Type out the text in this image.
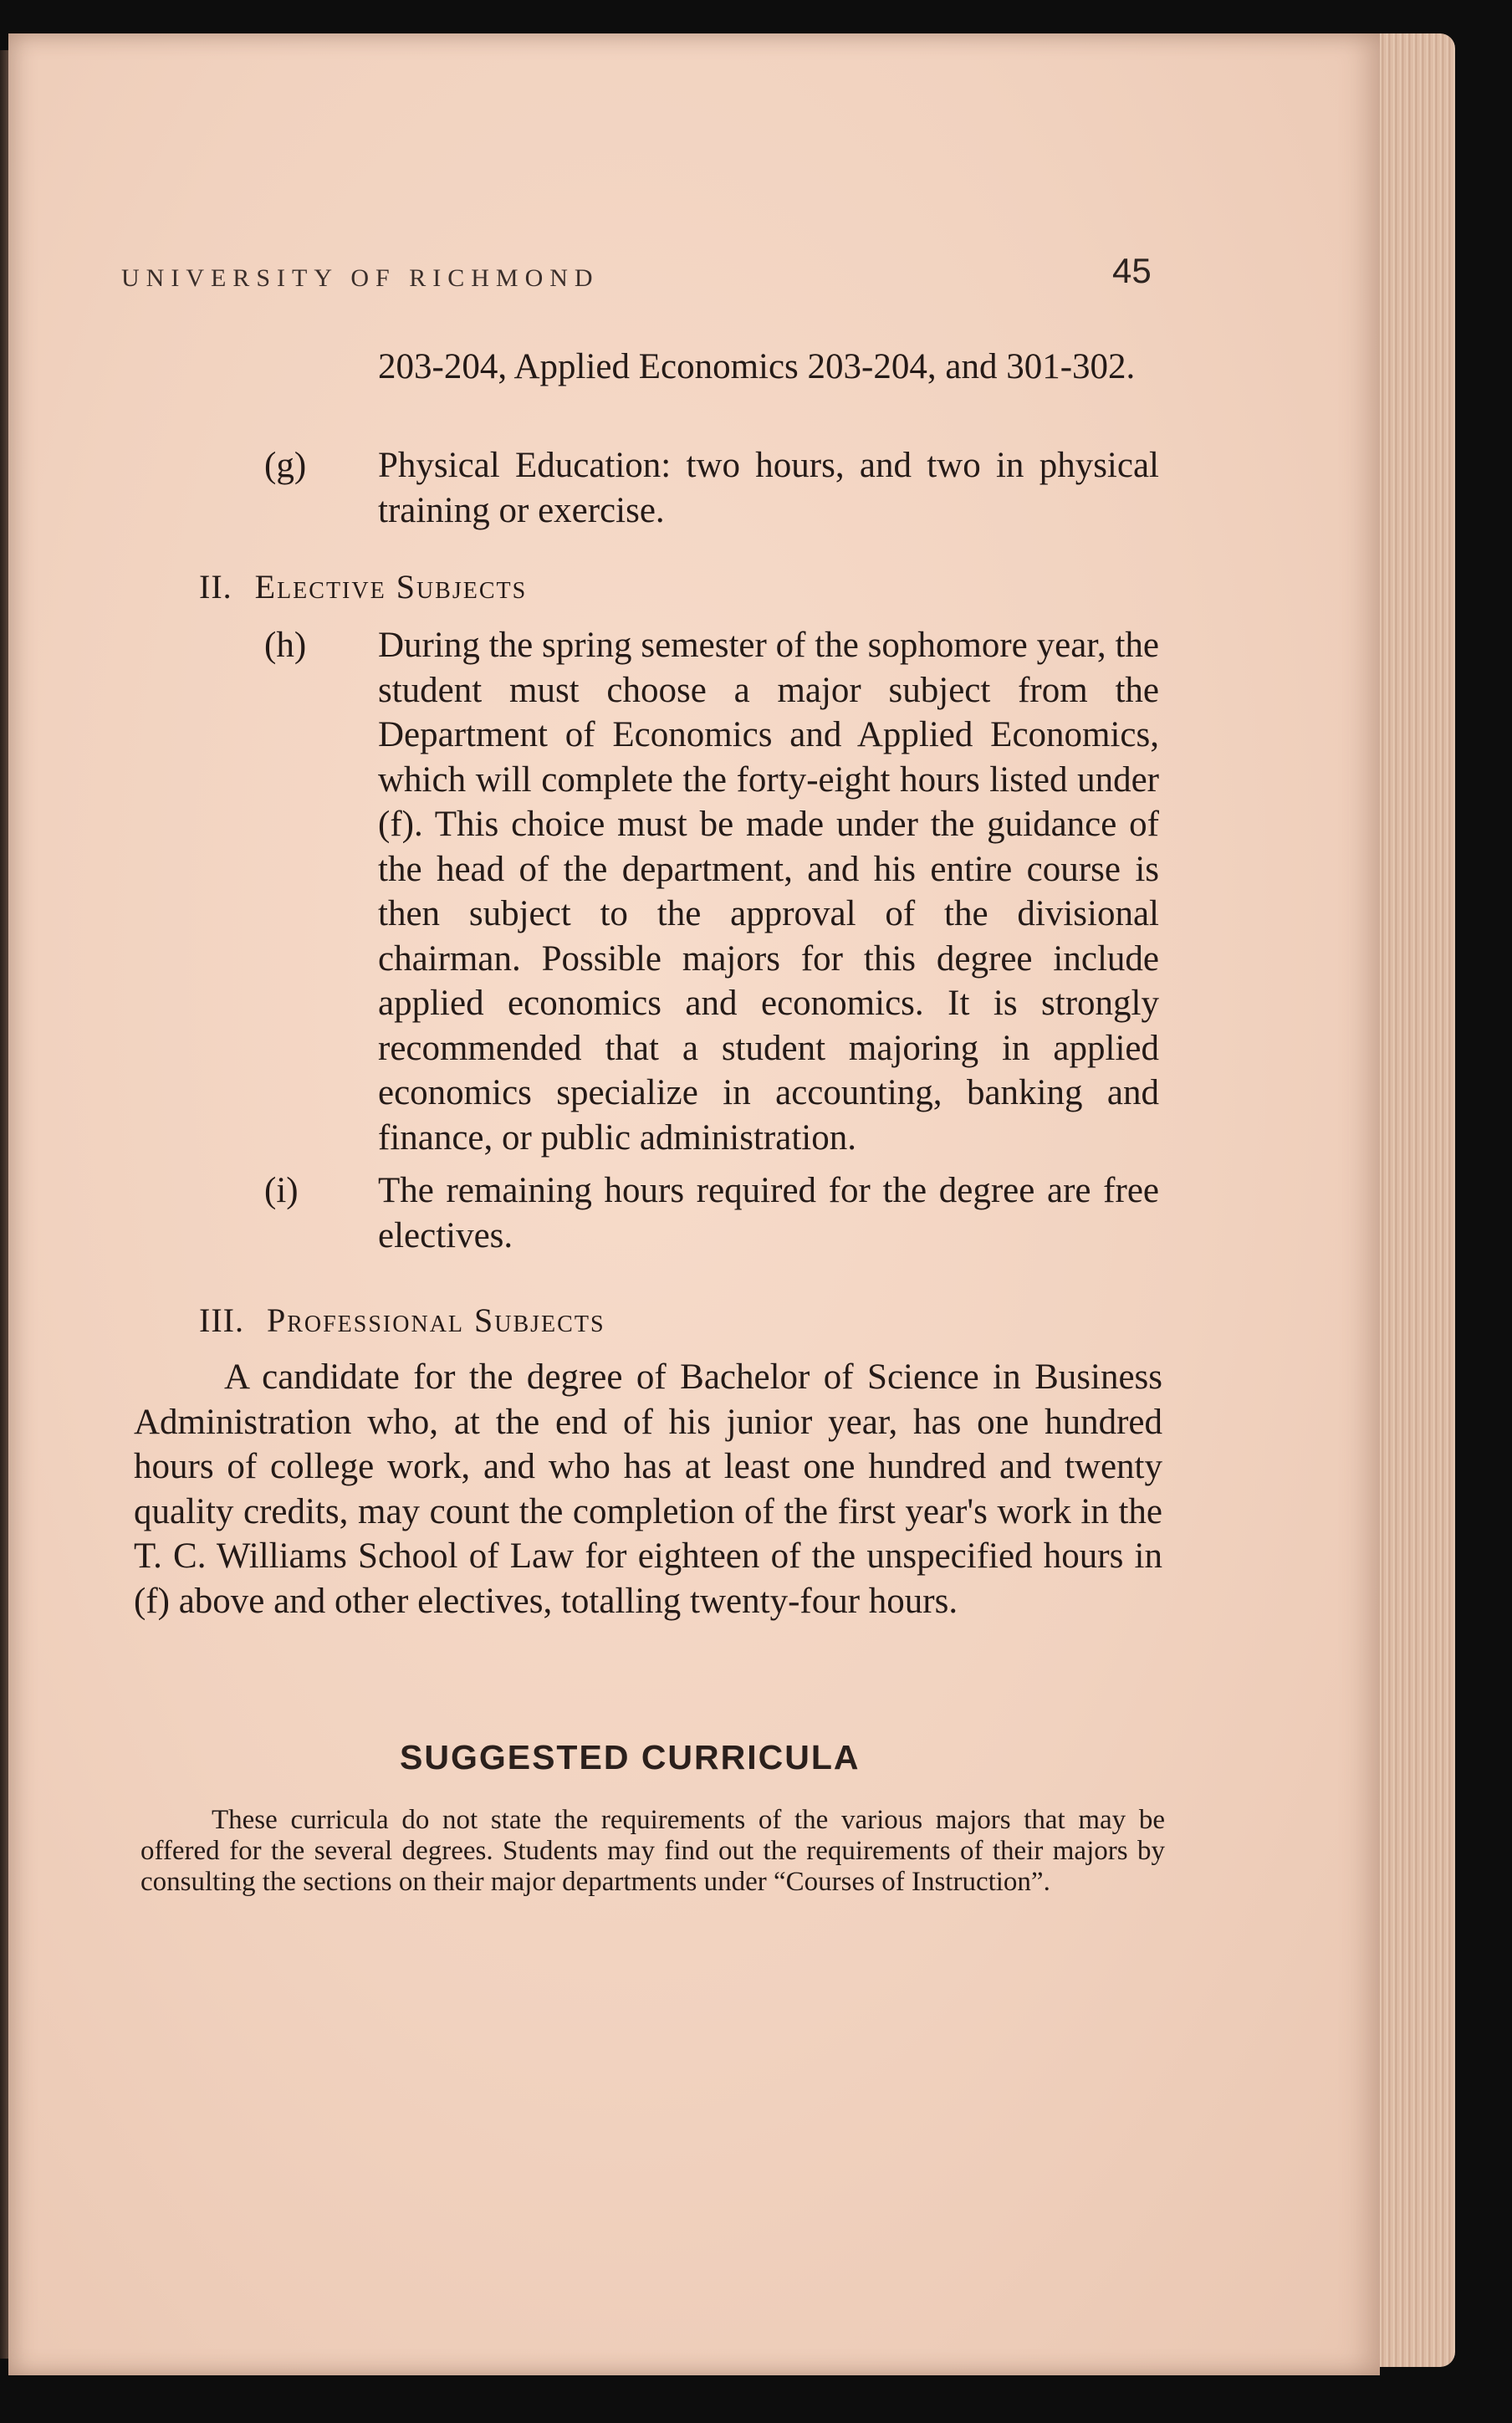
UNIVERSITY OF RICHMOND	45
203-204, Applied Economics 203-204, and 301-302.
(g)	Physical Education: two hours, and two in physical training or exercise.
II. Elective Subjects
(h)	During the spring semester of the sophomore year, the student must choose a major subject from the Department of Economics and Applied Economics, which will complete the forty-eight hours listed under (f). This choice must be made under the guidance of the head of the department, and his entire course is then subject to the approval of the divisional chairman. Possible majors for this degree include applied economics and economics. It is strongly recommended that a student majoring in applied economics specialize in accounting, banking and finance, or public administration.
(i)	The remaining hours required for the degree are free electives.
III. Professional Subjects
A candidate for the degree of Bachelor of Science in Business Administration who, at the end of his junior year, has one hundred hours of college work, and who has at least one hundred and twenty quality credits, may count the completion of the first year's work in the T. C. Williams School of Law for eighteen of the unspecified hours in (f) above and other electives, totalling twenty-four hours.
SUGGESTED CURRICULA
These curricula do not state the requirements of the various majors that may be offered for the several degrees. Students may find out the requirements of their majors by consulting the sections on their major departments under “Courses of Instruction”.
